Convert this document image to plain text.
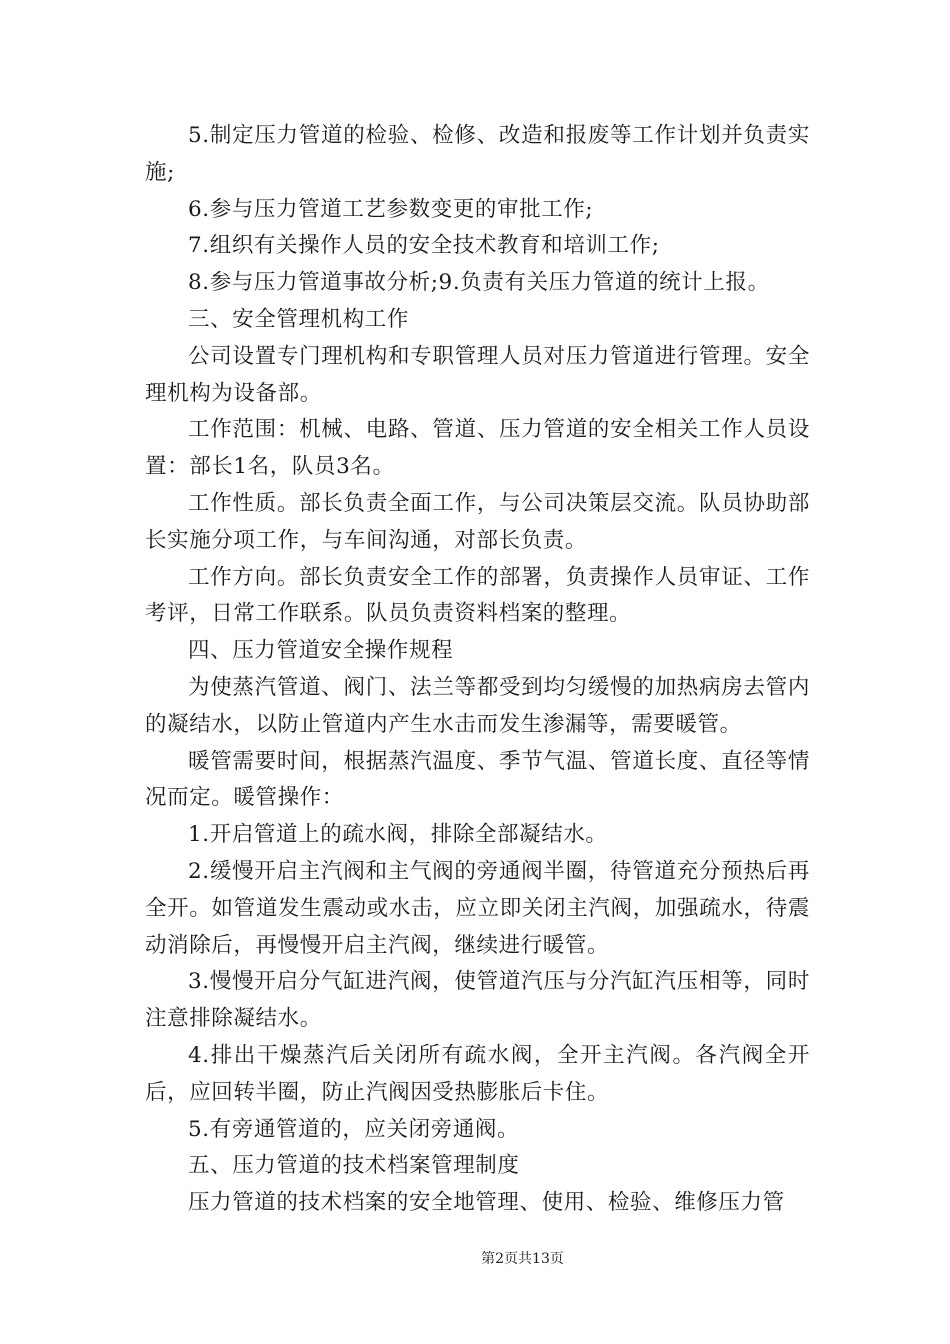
5.制定压力管道的检验、检修、改造和报废等工作计划并负责实施;

6.参与压力管道工艺参数变更的审批工作;

7.组织有关操作人员的安全技术教育和培训工作;

8.参与压力管道事故分析;9.负责有关压力管道的统计上报。

三、安全管理机构工作

公司设置专门理机构和专职管理人员对压力管道进行管理。安全理机构为设备部。

工作范围：机械、电路、管道、压力管道的安全相关工作人员设置：部长1名，队员3名。

工作性质。部长负责全面工作，与公司决策层交流。队员协助部长实施分项工作，与车间沟通，对部长负责。

工作方向。部长负责安全工作的部署，负责操作人员审证、工作考评，日常工作联系。队员负责资料档案的整理。

四、压力管道安全操作规程

为使蒸汽管道、阀门、法兰等都受到均匀缓慢的加热病房去管内的凝结水，以防止管道内产生水击而发生渗漏等，需要暖管。

暖管需要时间，根据蒸汽温度、季节气温、管道长度、直径等情况而定。暖管操作：

1.开启管道上的疏水阀，排除全部凝结水。

2.缓慢开启主汽阀和主气阀的旁通阀半圈，待管道充分预热后再全开。如管道发生震动或水击，应立即关闭主汽阀，加强疏水，待震动消除后，再慢慢开启主汽阀，继续进行暖管。

3.慢慢开启分气缸进汽阀，使管道汽压与分汽缸汽压相等，同时注意排除凝结水。

4.排出干燥蒸汽后关闭所有疏水阀，全开主汽阀。各汽阀全开后，应回转半圈，防止汽阀因受热膨胀后卡住。

5.有旁通管道的，应关闭旁通阀。

五、压力管道的技术档案管理制度

压力管道的技术档案的安全地管理、使用、检验、维修压力管

第2页共13页
